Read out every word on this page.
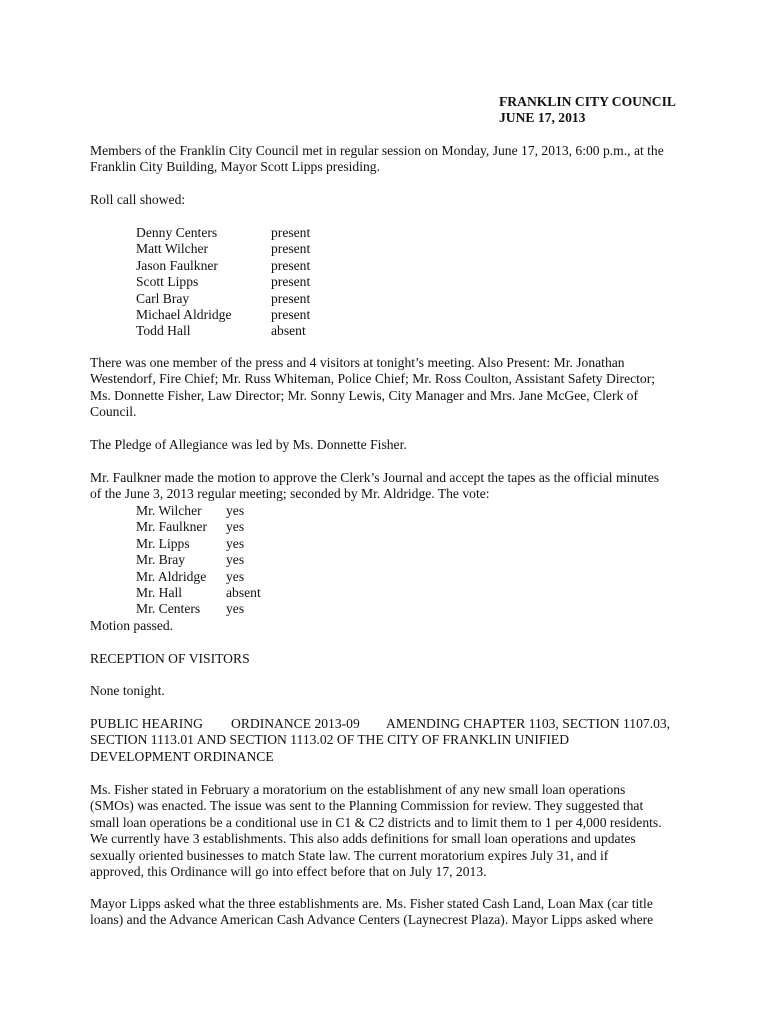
FRANKLIN CITY COUNCIL
JUNE 17, 2013
Members of the Franklin City Council met in regular session on Monday, June 17, 2013, 6:00 p.m., at the
Franklin City Building, Mayor Scott Lipps presiding.
Roll call showed:
Denny Centers	present
Matt Wilcher	present
Jason Faulkner	present
Scott Lipps	present
Carl Bray	present
Michael Aldridge	present
Todd Hall	absent
There was one member of the press and 4 visitors at tonight’s meeting. Also Present: Mr. Jonathan
Westendorf, Fire Chief; Mr. Russ Whiteman, Police Chief; Mr. Ross Coulton, Assistant Safety Director;
Ms. Donnette Fisher, Law Director; Mr. Sonny Lewis, City Manager and Mrs. Jane McGee, Clerk of
Council.
The Pledge of Allegiance was led by Ms. Donnette Fisher.
Mr. Faulkner made the motion to approve the Clerk’s Journal and accept the tapes as the official minutes
of the June 3, 2013 regular meeting; seconded by Mr. Aldridge. The vote:
Mr. Wilcher yes
Mr. Faulkner yes
Mr. Lipps	yes
Mr. Bray	yes
Mr. Aldridge yes
Mr. Hall	absent
Mr. Centers yes
Motion passed.
RECEPTION OF VISITORS
None tonight.
PUBLIC HEARING ORDINANCE 2013-09 AMENDING CHAPTER 1103, SECTION 1107.03,
SECTION 1113.01 AND SECTION 1113.02 OF THE CITY OF FRANKLIN UNIFIED
DEVELOPMENT ORDINANCE
Ms. Fisher stated in February a moratorium on the establishment of any new small loan operations
(SMOs) was enacted. The issue was sent to the Planning Commission for review. They suggested that
small loan operations be a conditional use in C1 & C2 districts and to limit them to 1 per 4,000 residents.
We currently have 3 establishments. This also adds definitions for small loan operations and updates
sexually oriented businesses to match State law. The current moratorium expires July 31, and if
approved, this Ordinance will go into effect before that on July 17, 2013.
Mayor Lipps asked what the three establishments are. Ms. Fisher stated Cash Land, Loan Max (car title
loans) and the Advance American Cash Advance Centers (Laynecrest Plaza). Mayor Lipps asked where
